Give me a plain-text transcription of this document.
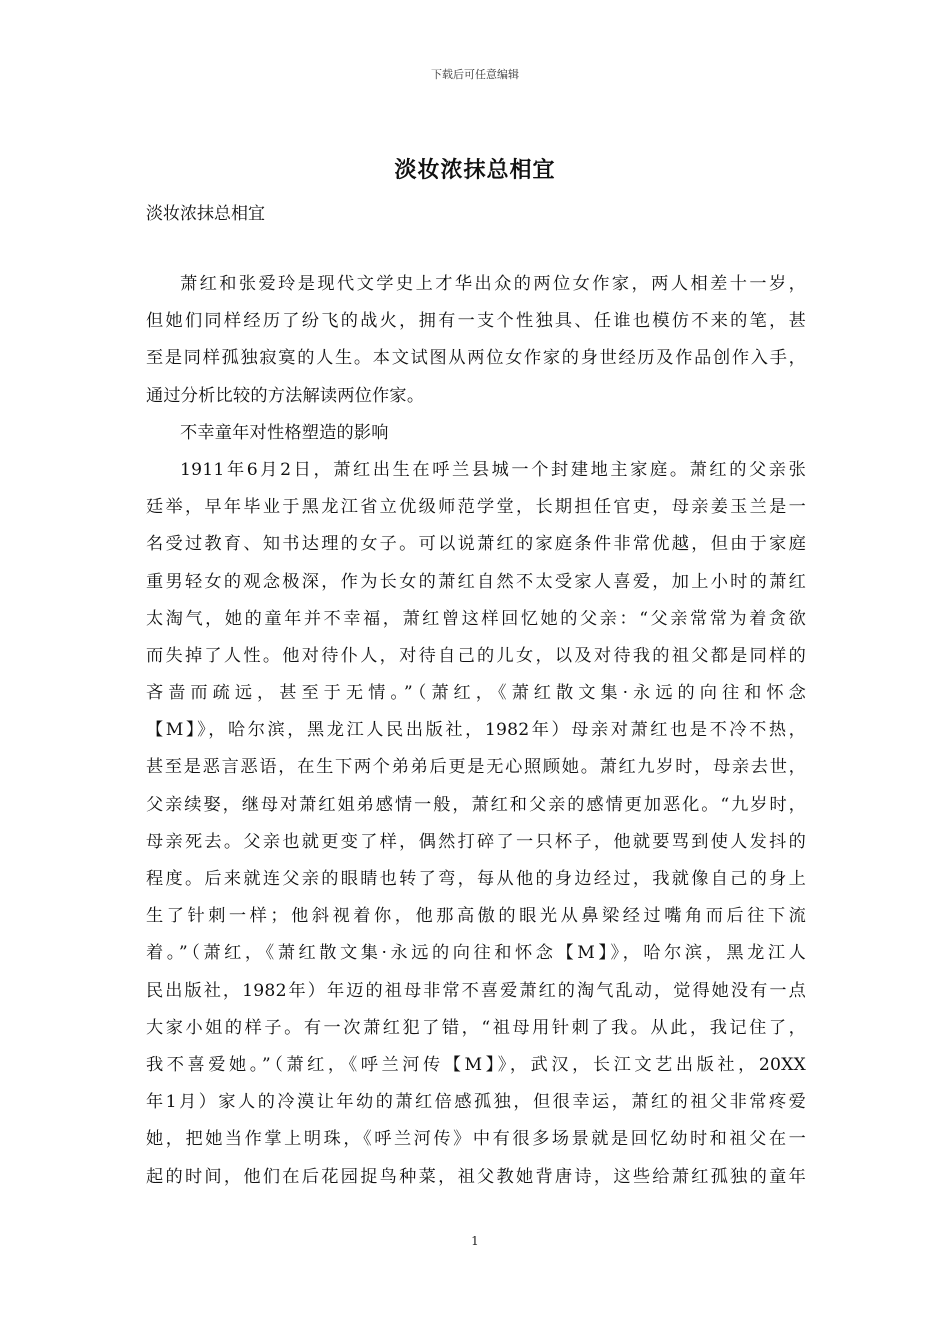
下载后可任意编辑
淡妆浓抹总相宜
淡妆浓抹总相宜
萧红和张爱玲是现代文学史上才华出众的两位女作家，两人相差十一岁，
但她们同样经历了纷飞的战火，拥有一支个性独具、任谁也模仿不来的笔，甚
至是同样孤独寂寞的人生。本文试图从两位女作家的身世经历及作品创作入手，
通过分析比较的方法解读两位作家。
不幸童年对性格塑造的影响
1911年6月2日，萧红出生在呼兰县城一个封建地主家庭。萧红的父亲张
廷举，早年毕业于黑龙江省立优级师范学堂，长期担任官吏，母亲姜玉兰是一
名受过教育、知书达理的女子。可以说萧红的家庭条件非常优越，但由于家庭
重男轻女的观念极深，作为长女的萧红自然不太受家人喜爱，加上小时的萧红
太淘气，她的童年并不幸福，萧红曾这样回忆她的父亲：“父亲常常为着贪欲
而失掉了人性。他对待仆人，对待自己的儿女，以及对待我的祖父都是同样的
吝啬而疏远，甚至于无情。”（萧红，《萧红散文集·永远的向往和怀念
【M】》，哈尔滨，黑龙江人民出版社，1982年）母亲对萧红也是不冷不热，
甚至是恶言恶语，在生下两个弟弟后更是无心照顾她。萧红九岁时，母亲去世，
父亲续娶，继母对萧红姐弟感情一般，萧红和父亲的感情更加恶化。“九岁时，
母亲死去。父亲也就更变了样，偶然打碎了一只杯子，他就要骂到使人发抖的
程度。后来就连父亲的眼睛也转了弯，每从他的身边经过，我就像自己的身上
生了针刺一样；他斜视着你，他那高傲的眼光从鼻梁经过嘴角而后往下流
着。”（萧红，《萧红散文集·永远的向往和怀念【M】》，哈尔滨，黑龙江人
民出版社，1982年）年迈的祖母非常不喜爱萧红的淘气乱动，觉得她没有一点
大家小姐的样子。有一次萧红犯了错，“祖母用针刺了我。从此，我记住了，
我不喜爱她。”（萧红，《呼兰河传【M】》，武汉，长江文艺出版社，20XX
年1月）家人的冷漠让年幼的萧红倍感孤独，但很幸运，萧红的祖父非常疼爱
她，把她当作掌上明珠，《呼兰河传》中有很多场景就是回忆幼时和祖父在一
起的时间，他们在后花园捉鸟种菜，祖父教她背唐诗，这些给萧红孤独的童年
1
